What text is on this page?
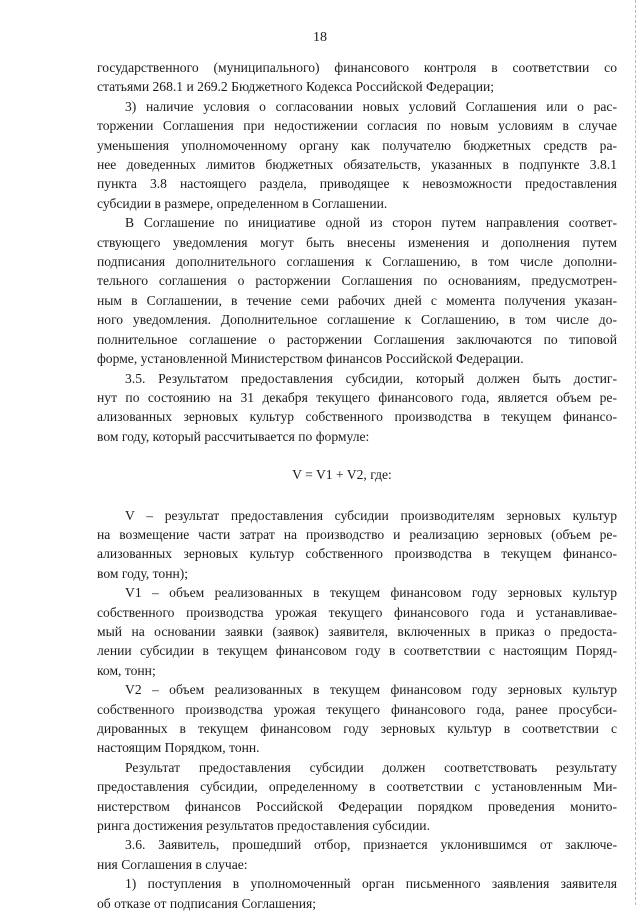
18
государственного (муниципального) финансового контроля в соответствии со
статьями 268.1 и 269.2 Бюджетного Кодекса Российской Федерации;
3) наличие условия о согласовании новых условий Соглашения или о рас-
торжении Соглашения при недостижении согласия по новым условиям в случае
уменьшения уполномоченному органу как получателю бюджетных средств ра-
нее доведенных лимитов бюджетных обязательств, указанных в подпункте 3.8.1
пункта 3.8 настоящего раздела, приводящее к невозможности предоставления
субсидии в размере, определенном в Соглашении.
В Соглашение по инициативе одной из сторон путем направления соответ-
ствующего уведомления могут быть внесены изменения и дополнения путем
подписания дополнительного соглашения к Соглашению, в том числе дополни-
тельного соглашения о расторжении Соглашения по основаниям, предусмотрен-
ным в Соглашении, в течение семи рабочих дней с момента получения указан-
ного уведомления. Дополнительное соглашение к Соглашению, в том числе до-
полнительное соглашение о расторжении Соглашения заключаются по типовой
форме, установленной Министерством финансов Российской Федерации.
3.5. Результатом предоставления субсидии, который должен быть достиг-
нут по состоянию на 31 декабря текущего финансового года, является объем ре-
ализованных зерновых культур собственного производства в текущем финансо-
вом году, который рассчитывается по формуле:
V = V1 + V2, где:
V – результат предоставления субсидии производителям зерновых культур
на возмещение части затрат на производство и реализацию зерновых (объем ре-
ализованных зерновых культур собственного производства в текущем финансо-
вом году, тонн);
V1 – объем реализованных в текущем финансовом году зерновых культур
собственного производства урожая текущего финансового года и устанавливае-
мый на основании заявки (заявок) заявителя, включенных в приказ о предоста-
лении субсидии в текущем финансовом году в соответствии с настоящим Поряд-
ком, тонн;
V2 – объем реализованных в текущем финансовом году зерновых культур
собственного производства урожая текущего финансового года, ранее просубси-
дированных в текущем финансовом году зерновых культур в соответствии с
настоящим Порядком, тонн.
Результат предоставления субсидии должен соответствовать результату
предоставления субсидии, определенному в соответствии с установленным Ми-
нистерством финансов Российской Федерации порядком проведения монито-
ринга достижения результатов предоставления субсидии.
3.6. Заявитель, прошедший отбор, признается уклонившимся от заключе-
ния Соглашения в случае:
1) поступления в уполномоченный орган письменного заявления заявителя
об отказе от подписания Соглашения;
